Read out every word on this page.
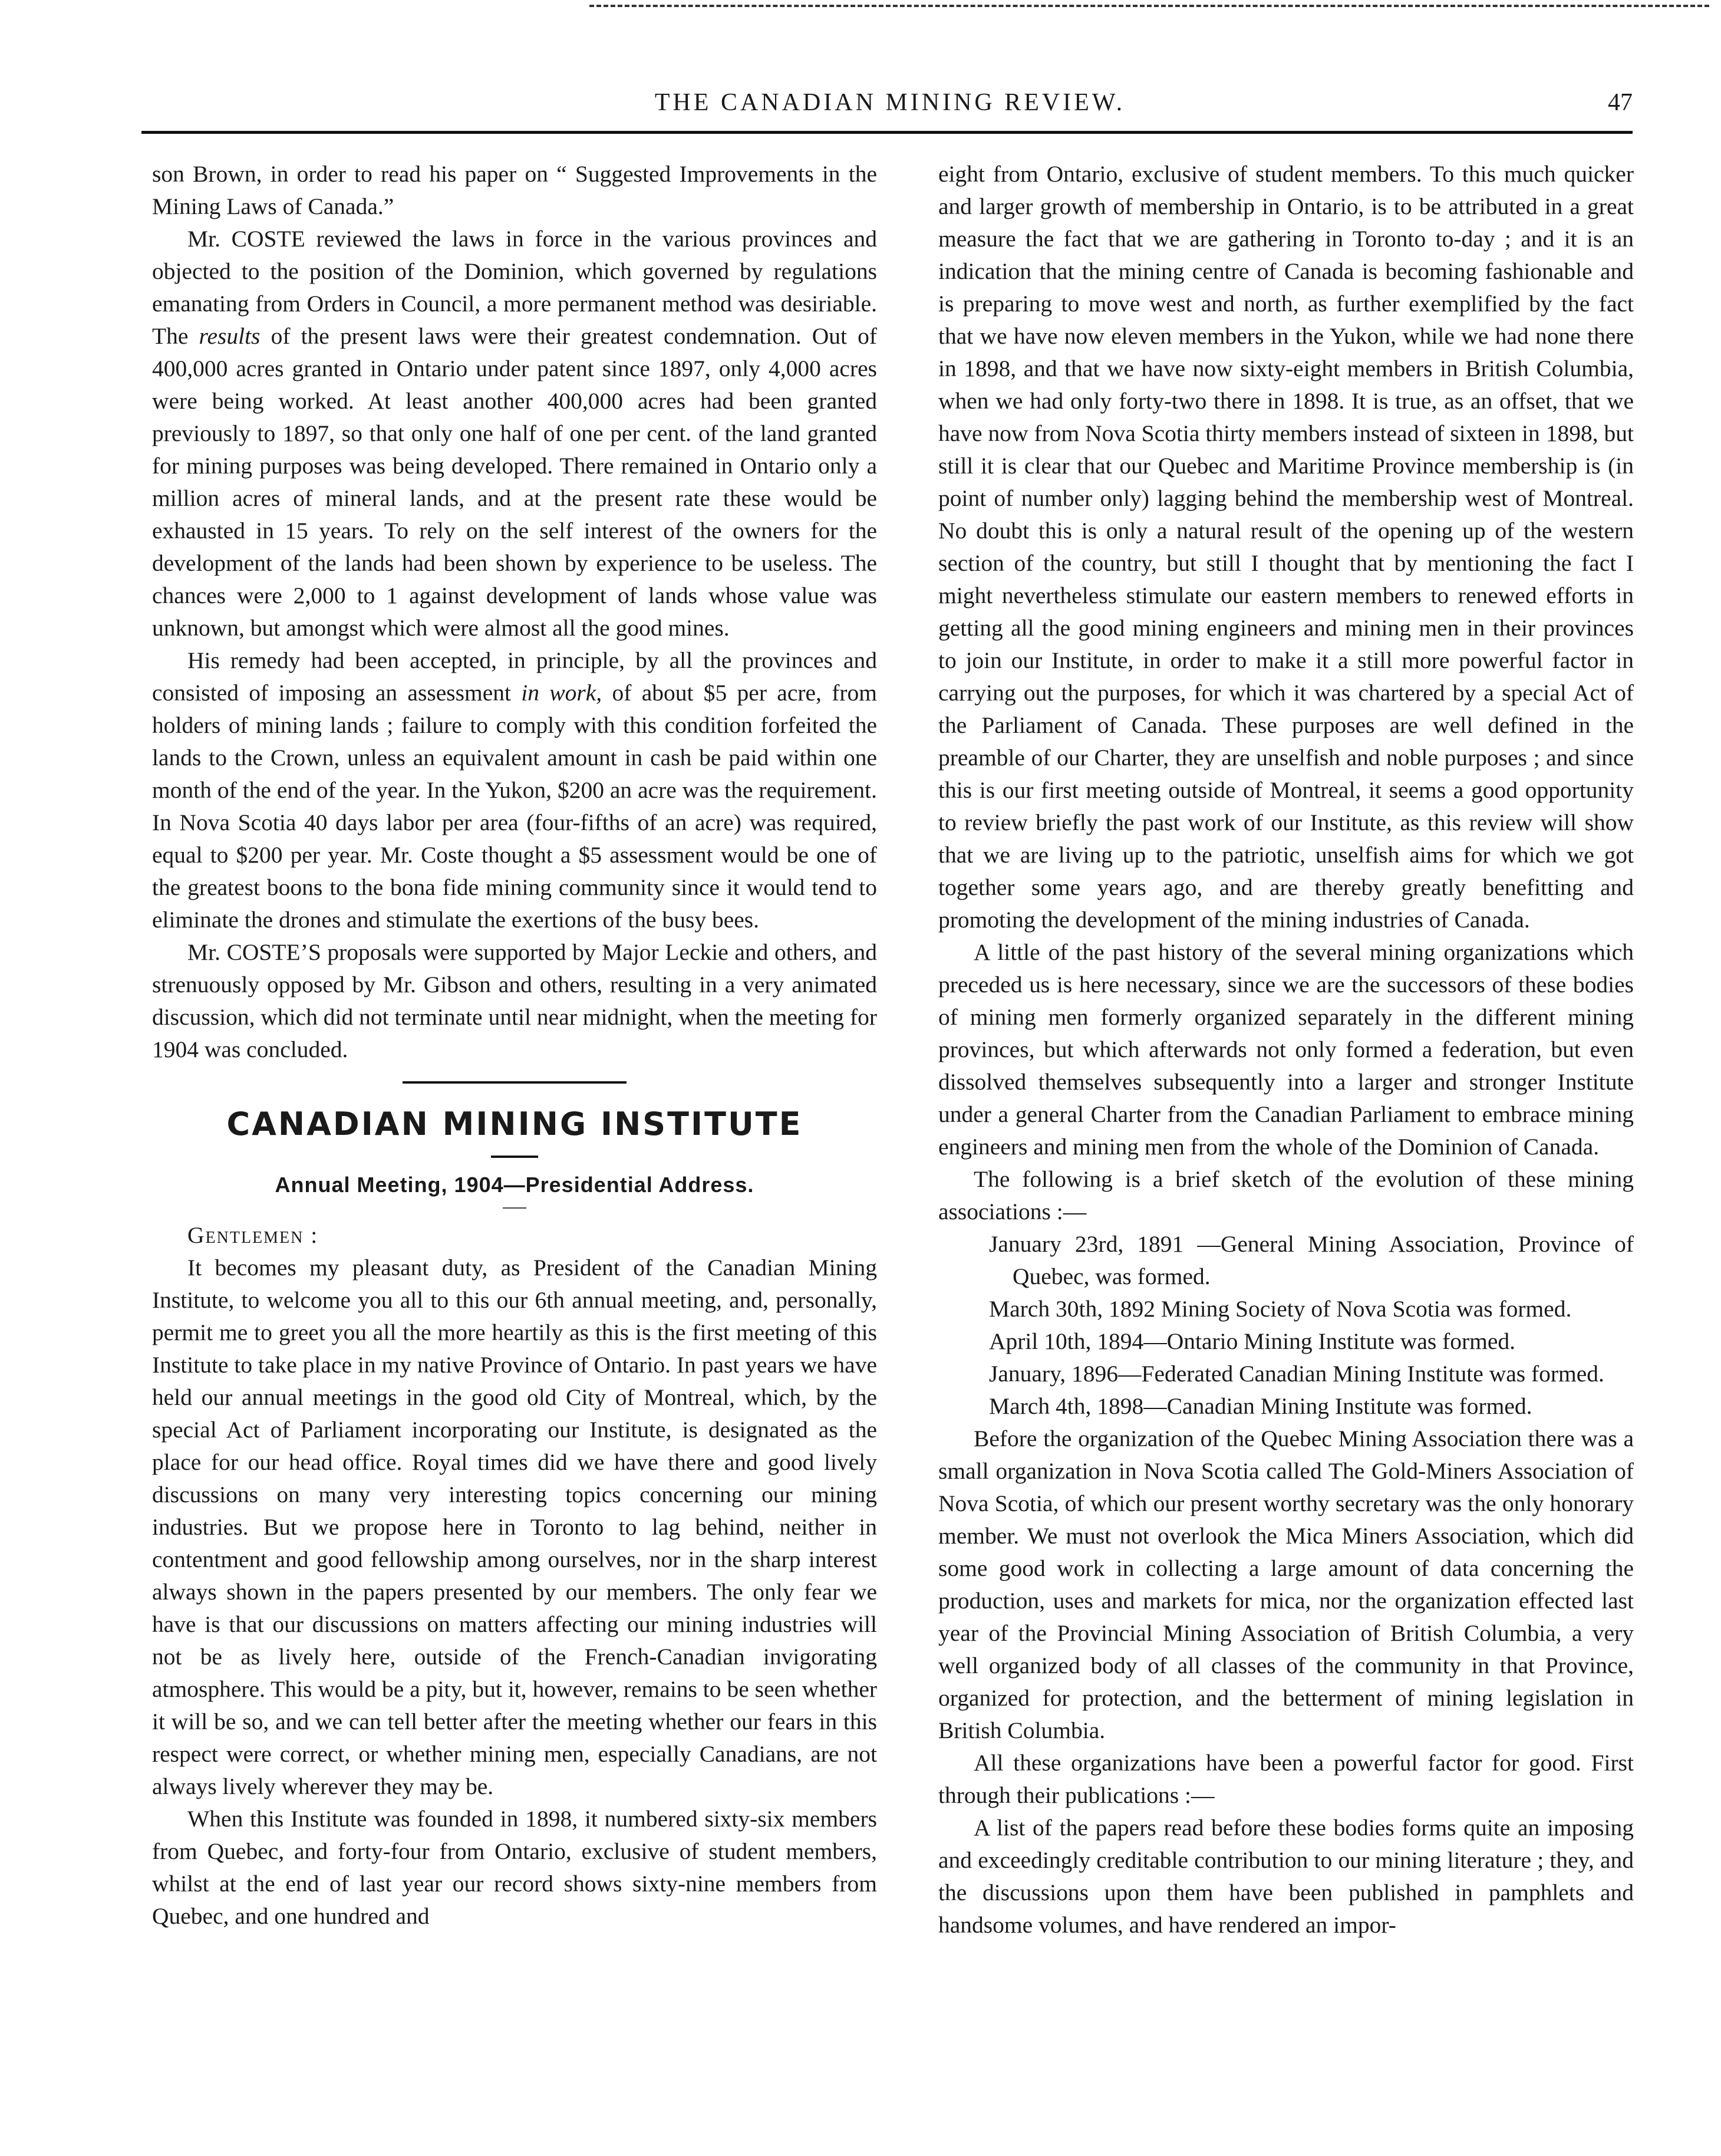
THE CANADIAN MINING REVIEW.	47

son Brown, in order to read his paper on “ Suggested Improvements in the Mining Laws of Canada.”

Mr. COSTE reviewed the laws in force in the various provinces and objected to the position of the Dominion, which governed by regulations emanating from Orders in Council, a more permanent method was desiriable. The results of the present laws were their greatest condemnation. Out of 400,000 acres granted in Ontario under patent since 1897, only 4,000 acres were being worked. At least another 400,000 acres had been granted previously to 1897, so that only one half of one per cent. of the land granted for mining purposes was being developed. There remained in Ontario only a million acres of mineral lands, and at the present rate these would be exhausted in 15 years. To rely on the self interest of the owners for the development of the lands had been shown by experience to be useless. The chances were 2,000 to 1 against development of lands whose value was unknown, but amongst which were almost all the good mines.

His remedy had been accepted, in principle, by all the provinces and consisted of imposing an assessment in work, of about $5 per acre, from holders of mining lands ; failure to comply with this condition forfeited the lands to the Crown, unless an equivalent amount in cash be paid within one month of the end of the year. In the Yukon, $200 an acre was the requirement. In Nova Scotia 40 days labor per area (four-fifths of an acre) was required, equal to $200 per year. Mr. Coste thought a $5 assessment would be one of the greatest boons to the bona fide mining community since it would tend to eliminate the drones and stimulate the exertions of the busy bees.

Mr. COSTE’S proposals were supported by Major Leckie and others, and strenuously opposed by Mr. Gibson and others, resulting in a very animated discussion, which did not terminate until near midnight, when the meeting for 1904 was concluded.

CANADIAN MINING INSTITUTE
Annual Meeting, 1904—Presidential Address.

Gentlemen :

It becomes my pleasant duty, as President of the Canadian Mining Institute, to welcome you all to this our 6th annual meeting, and, personally, permit me to greet you all the more heartily as this is the first meeting of this Institute to take place in my native Province of Ontario. In past years we have held our annual meetings in the good old City of Montreal, which, by the special Act of Parliament incorporating our Institute, is designated as the place for our head office. Royal times did we have there and good lively discussions on many very interesting topics concerning our mining industries. But we propose here in Toronto to lag behind, neither in contentment and good fellowship among ourselves, nor in the sharp interest always shown in the papers presented by our members. The only fear we have is that our discussions on matters affecting our mining industries will not be as lively here, outside of the French-Canadian invigorating atmosphere. This would be a pity, but it, however, remains to be seen whether it will be so, and we can tell better after the meeting whether our fears in this respect were correct, or whether mining men, especially Canadians, are not always lively wherever they may be.

When this Institute was founded in 1898, it numbered sixty-six members from Quebec, and forty-four from Ontario, exclusive of student members, whilst at the end of last year our record shows sixty-nine members from Quebec, and one hundred and

eight from Ontario, exclusive of student members. To this much quicker and larger growth of membership in Ontario, is to be attributed in a great measure the fact that we are gathering in Toronto to-day ; and it is an indication that the mining centre of Canada is becoming fashionable and is preparing to move west and north, as further exemplified by the fact that we have now eleven members in the Yukon, while we had none there in 1898, and that we have now sixty-eight members in British Columbia, when we had only forty-two there in 1898. It is true, as an offset, that we have now from Nova Scotia thirty members instead of sixteen in 1898, but still it is clear that our Quebec and Maritime Province membership is (in point of number only) lagging behind the membership west of Montreal. No doubt this is only a natural result of the opening up of the western section of the country, but still I thought that by mentioning the fact I might nevertheless stimulate our eastern members to renewed efforts in getting all the good mining engineers and mining men in their provinces to join our Institute, in order to make it a still more powerful factor in carrying out the purposes, for which it was chartered by a special Act of the Parliament of Canada. These purposes are well defined in the preamble of our Charter, they are unselfish and noble purposes ; and since this is our first meeting outside of Montreal, it seems a good opportunity to review briefly the past work of our Institute, as this review will show that we are living up to the patriotic, unselfish aims for which we got together some years ago, and are thereby greatly benefitting and promoting the development of the mining industries of Canada.

A little of the past history of the several mining organizations which preceded us is here necessary, since we are the successors of these bodies of mining men formerly organized separately in the different mining provinces, but which afterwards not only formed a federation, but even dissolved themselves subsequently into a larger and stronger Institute under a general Charter from the Canadian Parliament to embrace mining engineers and mining men from the whole of the Dominion of Canada.

The following is a brief sketch of the evolution of these mining associations :—

January 23rd, 1891 —General Mining Association, Province of Quebec, was formed.
March 30th, 1892 Mining Society of Nova Scotia was formed.
April 10th, 1894—Ontario Mining Institute was formed.
January, 1896—Federated Canadian Mining Institute was formed.
March 4th, 1898—Canadian Mining Institute was formed.

Before the organization of the Quebec Mining Association there was a small organization in Nova Scotia called The Gold-Miners Association of Nova Scotia, of which our present worthy secretary was the only honorary member. We must not overlook the Mica Miners Association, which did some good work in collecting a large amount of data concerning the production, uses and markets for mica, nor the organization effected last year of the Provincial Mining Association of British Columbia, a very well organized body of all classes of the community in that Province, organized for protection, and the betterment of mining legislation in British Columbia.

All these organizations have been a powerful factor for good. First through their publications :—

A list of the papers read before these bodies forms quite an imposing and exceedingly creditable contribution to our mining literature ; they, and the discussions upon them have been published in pamphlets and handsome volumes, and have rendered an impor-
